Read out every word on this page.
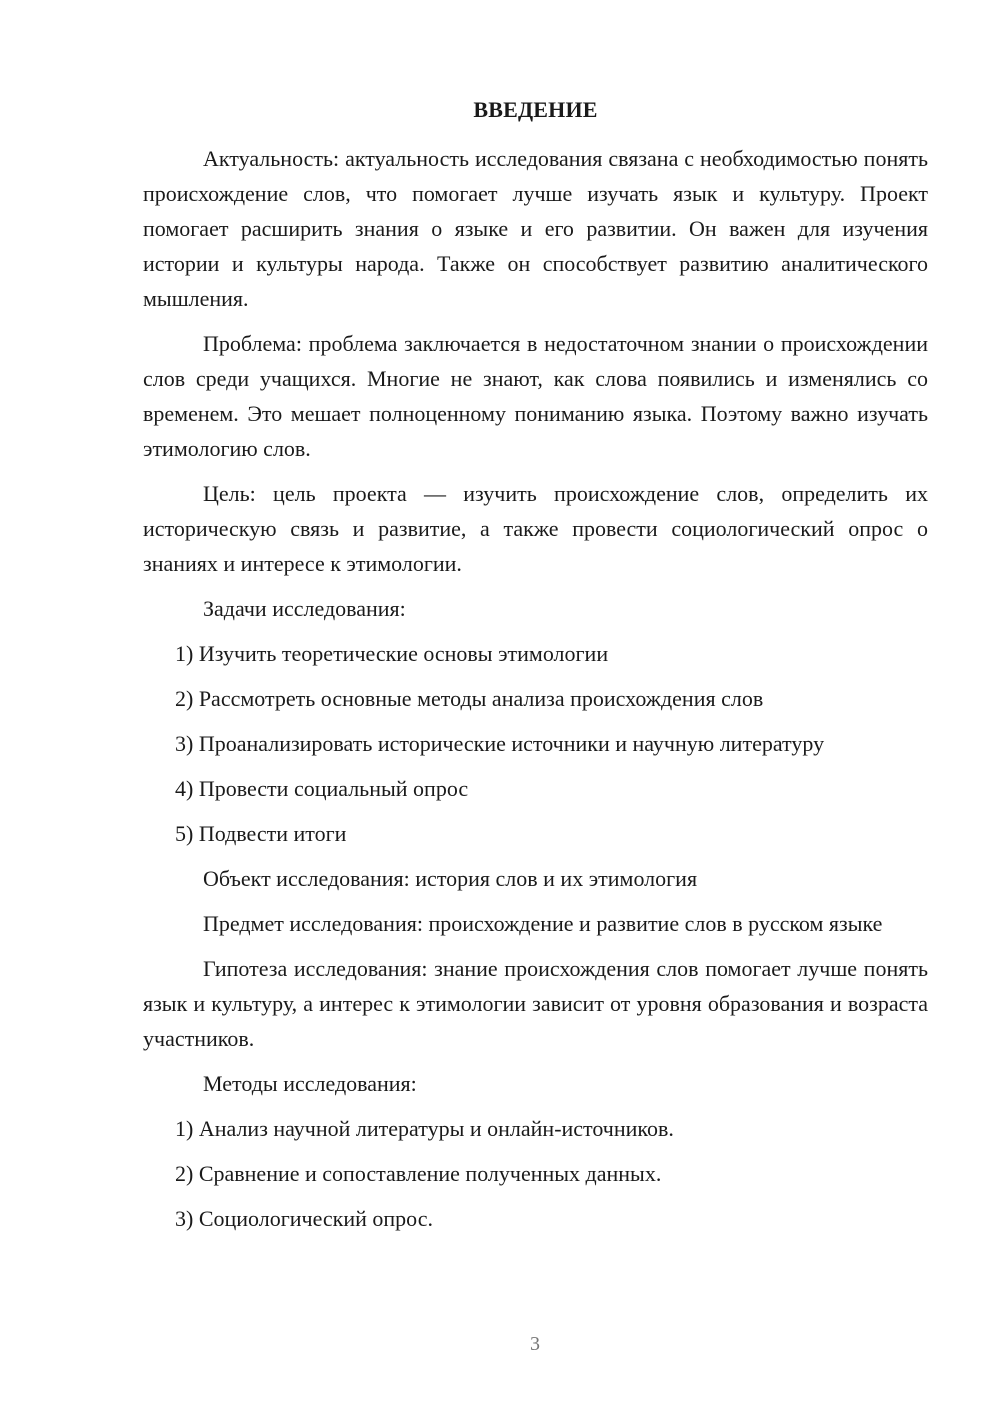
ВВЕДЕНИЕ

Актуальность: актуальность исследования связана с необходимостью понять происхождение слов, что помогает лучше изучать язык и культуру. Проект помогает расширить знания о языке и его развитии. Он важен для изучения истории и культуры народа. Также он способствует развитию аналитического мышления.

Проблема: проблема заключается в недостаточном знании о происхождении слов среди учащихся. Многие не знают, как слова появились и изменялись со временем. Это мешает полноценному пониманию языка. Поэтому важно изучать этимологию слов.

Цель: цель проекта — изучить происхождение слов, определить их историческую связь и развитие, а также провести социологический опрос о знаниях и интересе к этимологии.

Задачи исследования:
1) Изучить теоретические основы этимологии
2) Рассмотреть основные методы анализа происхождения слов
3) Проанализировать исторические источники и научную литературу
4) Провести социальный опрос
5) Подвести итоги
Объект исследования: история слов и их этимология

Предмет исследования: происхождение и развитие слов в русском языке

Гипотеза исследования: знание происхождения слов помогает лучше понять язык и культуру, а интерес к этимологии зависит от уровня образования и возраста участников.

Методы исследования:
1) Анализ научной литературы и онлайн-источников.
2) Сравнение и сопоставление полученных данных.
3) Социологический опрос.
3
